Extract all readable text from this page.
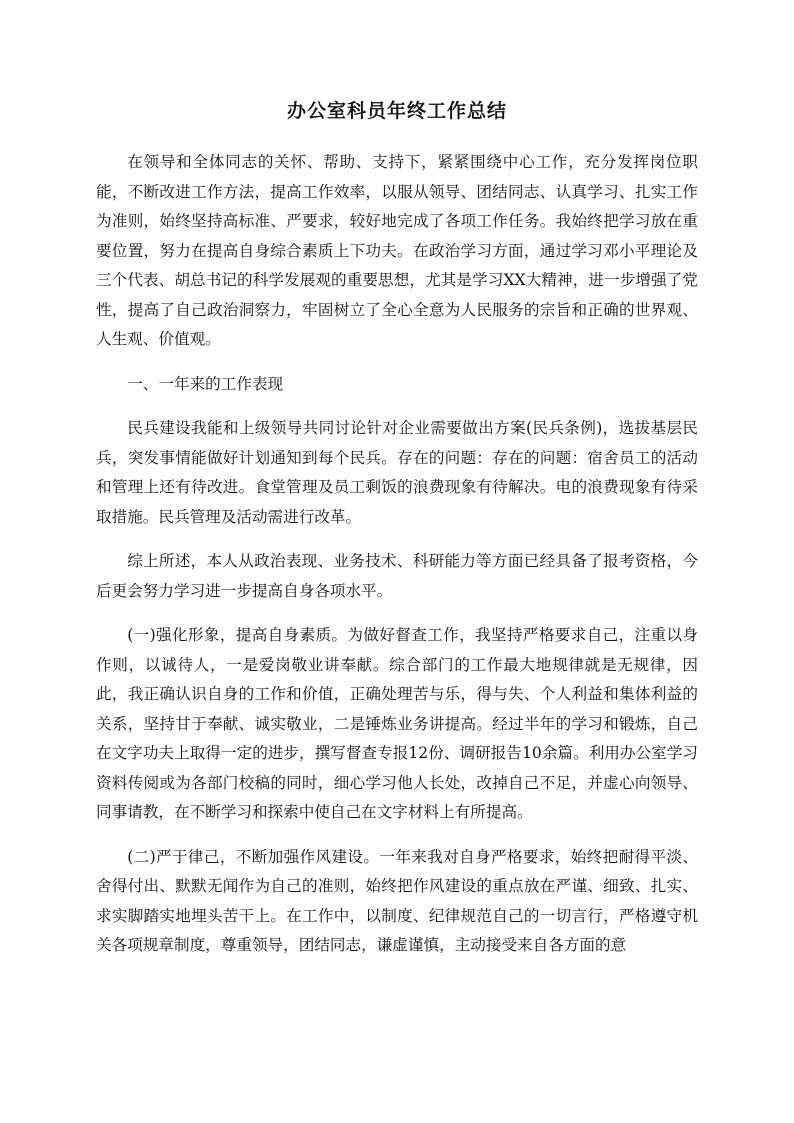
办公室科员年终工作总结

在领导和全体同志的关怀、帮助、支持下，紧紧围绕中心工作，充分发挥岗位职能，不断改进工作方法，提高工作效率，以服从领导、团结同志、认真学习、扎实工作为准则，始终坚持高标准、严要求，较好地完成了各项工作任务。我始终把学习放在重要位置，努力在提高自身综合素质上下功夫。在政治学习方面，通过学习邓小平理论及三个代表、胡总书记的科学发展观的重要思想，尤其是学习XX大精神，进一步增强了党性，提高了自己政治洞察力，牢固树立了全心全意为人民服务的宗旨和正确的世界观、人生观、价值观。

一、一年来的工作表现

民兵建设我能和上级领导共同讨论针对企业需要做出方案(民兵条例)，选拔基层民兵，突发事情能做好计划通知到每个民兵。存在的问题：存在的问题：宿舍员工的活动和管理上还有待改进。食堂管理及员工剩饭的浪费现象有待解决。电的浪费现象有待采取措施。民兵管理及活动需进行改革。

综上所述，本人从政治表现、业务技术、科研能力等方面已经具备了报考资格，今后更会努力学习进一步提高自身各项水平。

(一)强化形象，提高自身素质。为做好督查工作，我坚持严格要求自己，注重以身作则，以诚待人，一是爱岗敬业讲奉献。综合部门的工作最大地规律就是无规律，因此，我正确认识自身的工作和价值，正确处理苦与乐，得与失、个人利益和集体利益的关系，坚持甘于奉献、诚实敬业，二是锤炼业务讲提高。经过半年的学习和锻炼，自己在文字功夫上取得一定的进步，撰写督查专报12份、调研报告10余篇。利用办公室学习资料传阅或为各部门校稿的同时，细心学习他人长处，改掉自己不足，并虚心向领导、同事请教，在不断学习和探索中使自己在文字材料上有所提高。

(二)严于律己，不断加强作风建设。一年来我对自身严格要求，始终把耐得平淡、舍得付出、默默无闻作为自己的准则，始终把作风建设的重点放在严谨、细致、扎实、求实脚踏实地埋头苦干上。在工作中，以制度、纪律规范自己的一切言行，严格遵守机关各项规章制度，尊重领导，团结同志，谦虚谨慎，主动接受来自各方面的意
